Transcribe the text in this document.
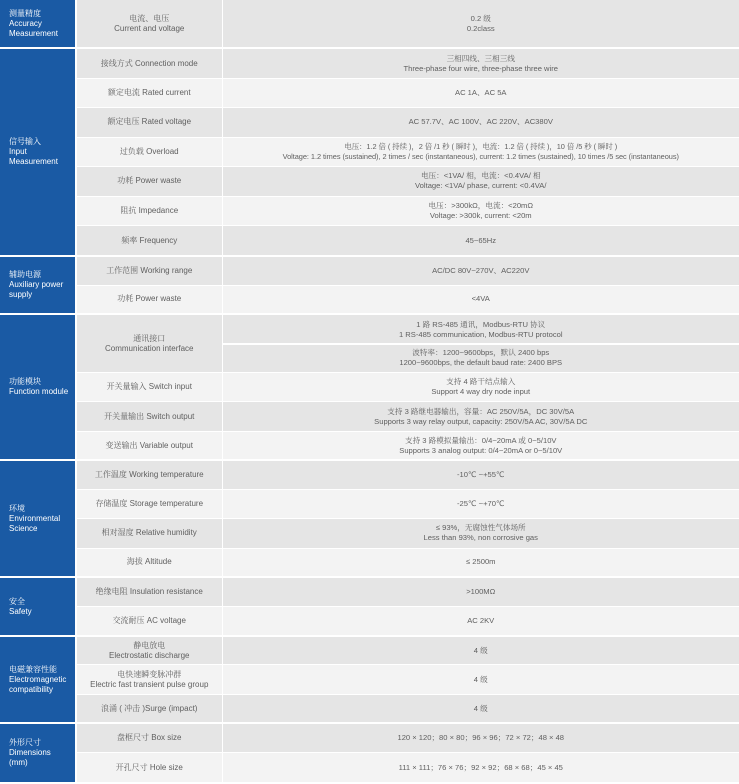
测量精度
Accuracy
Measurement	电流、电压
Current and voltage	0.2 级
0.2class

信号输入
Input
Measurement	接线方式 Connection mode	三相四线、三相三线
Three-phase four wire, three-phase three wire

	额定电流 Rated current	AC 1A、AC 5A

	额定电压 Rated voltage	AC 57.7V、AC 100V、AC 220V、AC380V

	过负载 Overload	电压：1.2 倍 ( 持续 )，2 倍 /1 秒 ( 瞬时 )，电流：1.2 倍 ( 持续 )，10 倍 /5 秒 ( 瞬时 )
Voltage: 1.2 times (sustained), 2 times / sec (instantaneous), current: 1.2 times (sustained), 10 times /5 sec (instantaneous)

	功耗 Power waste	电压：<1VA/ 相，电流：<0.4VA/ 相
Voltage: <1VA/ phase, current: <0.4VA/

	阻抗 Impedance	电压：>300kΩ，电流：<20mΩ
Voltage: >300k, current: <20m

	频率 Frequency	45~65Hz

辅助电源
Auxiliary power
supply	工作范围 Working range	AC/DC 80V~270V、AC220V

	功耗 Power waste	<4VA

功能模块
Function module	通讯接口
Communication interface	1 路 RS-485 通讯，Modbus-RTU 协议
1 RS-485 communication, Modbus-RTU protocol
波特率：1200~9600bps，默认 2400 bps
1200~9600bps, the default baud rate: 2400 BPS

	开关量输入 Switch input	支持 4 路干结点输入
Support 4 way dry node input

	开关量输出 Switch output	支持 3 路继电器输出，容量：AC 250V/5A，DC 30V/5A
Supports 3 way relay output, capacity: 250V/5A AC, 30V/5A DC

	变送输出 Variable output	支持 3 路模拟量输出：0/4~20mA 或 0~5/10V
Supports 3 analog output: 0/4~20mA or 0~5/10V

环境
Environmental
Science	工作温度 Working temperature	-10℃ ~+55℃

	存储温度 Storage temperature	-25℃ ~+70℃

	相对湿度 Relative humidity	≤ 93%，无腐蚀性气体场所
Less than 93%, non corrosive gas

	海拔 Altitude	≤ 2500m

安全
Safety	绝缘电阻 Insulation resistance	>100MΩ

	交流耐压 AC voltage	AC 2KV

电磁兼容性能
Electromagnetic
compatibility	静电放电
Electrostatic discharge	4 级

	电快速瞬变脉冲群
Electric fast transient pulse group	4 级

	浪涌 ( 冲击 )Surge (impact)	4 级

外形尺寸
Dimensions
(mm)	盘框尺寸 Box size	120 × 120；80 × 80；96 × 96；72 × 72；48 × 48

	开孔尺寸 Hole size	111 × 111；76 × 76；92 × 92；68 × 68；45 × 45
